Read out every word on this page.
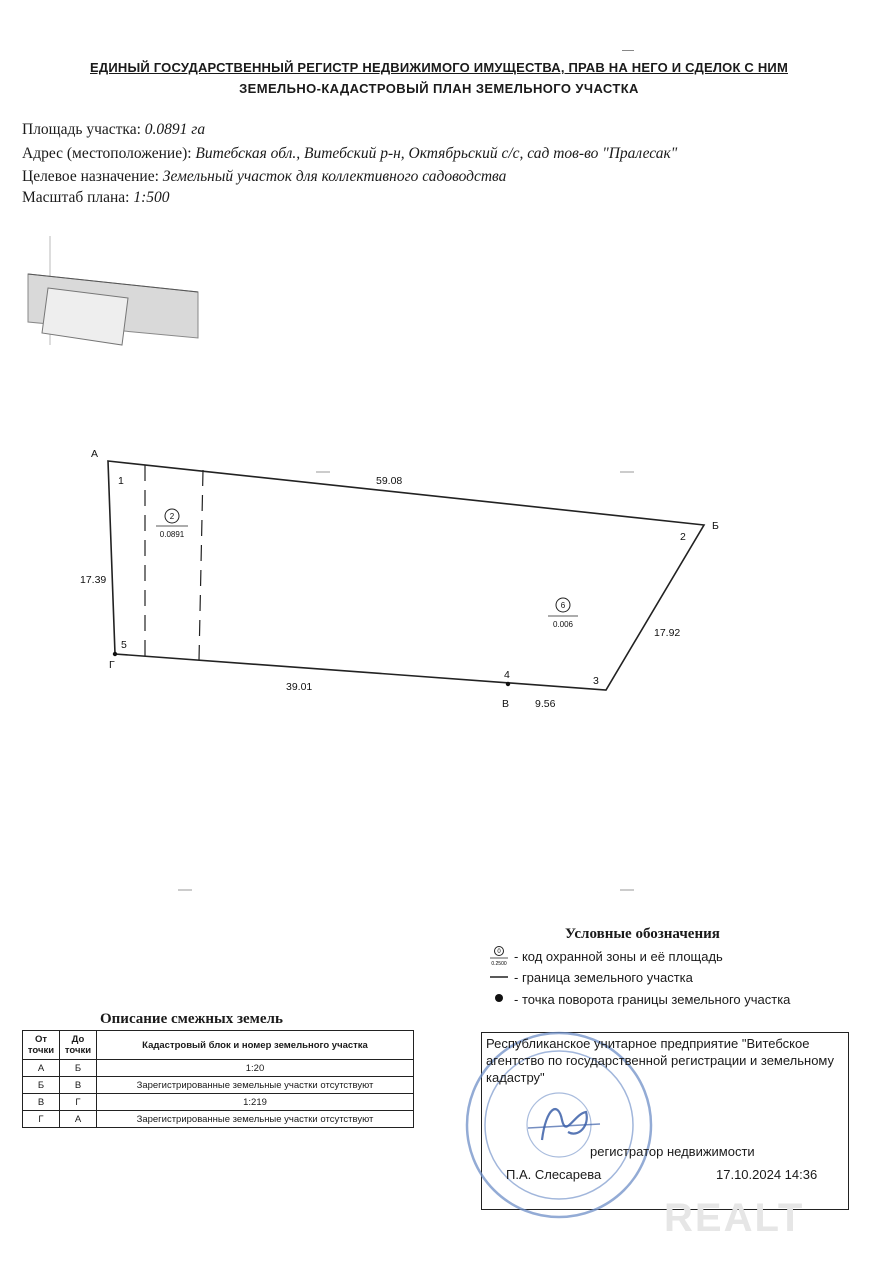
ЕДИНЫЙ ГОСУДАРСТВЕННЫЙ РЕГИСТР НЕДВИЖИМОГО ИМУЩЕСТВА, ПРАВ НА НЕГО И СДЕЛОК С НИМ
ЗЕМЕЛЬНО-КАДАСТРОВЫЙ ПЛАН ЗЕМЕЛЬНОГО УЧАСТКА
Площадь участка: 0.0891 га
Адрес (местоположение): Витебская обл., Витебский р-н, Октябрьский с/с, сад тов-во "Пралесак"
Целевое назначение: Земельный участок для коллективного садоводства
Масштаб плана: 1:500
А
Б
Г
В
1
2
3
4
5
59.08
17.92
17.39
39.01
9.56
2
0.0891
6
0.006
Условные обозначения
0
0.2500
- код охранной зоны и её площадь
- граница земельного участка
- точка поворота границы земельного участка
Описание смежных земель
От точки	До точки	Кадастровый блок и номер земельного участка
А	Б	1:20
Б	В	Зарегистрированные земельные участки отсутствуют
В	Г	1:219
Г	А	Зарегистрированные земельные участки отсутствуют
Республиканское унитарное предприятие "Витебское агентство по государственной регистрации и земельному кадастру"
регистратор недвижимости
П.А. Слесарева	17.10.2024 14:36
REALT
